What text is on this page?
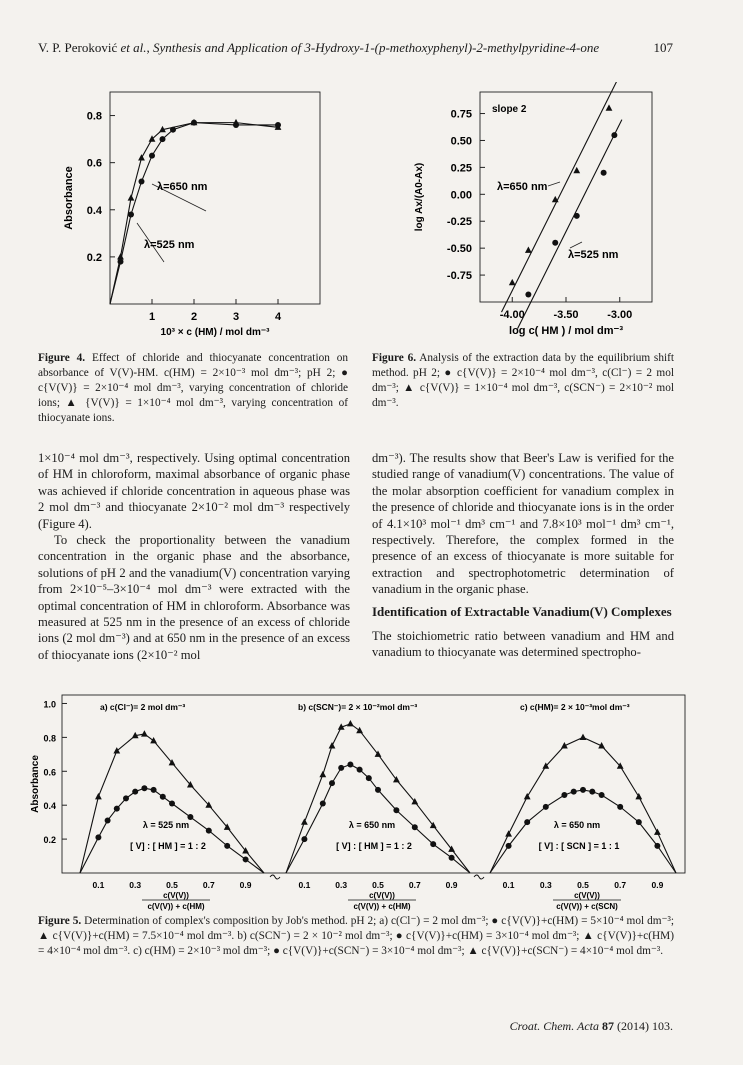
V. P. Peroković et al., Synthesis and Application of 3-Hydroxy-1-(p-methoxyphenyl)-2-methylpyridine-4-one	107
0.2
0.4
0.6
0.8
1	2	3	4
Absorbance
10³ × c (HM) / mol dm⁻³
λ=650 nm
λ=525 nm
Figure 4. Effect of chloride and thiocyanate concentration on absorbance of V(V)-HM. c(HM) = 2×10⁻³ mol dm⁻³; pH 2; ● c{V(V)} = 2×10⁻⁴ mol dm⁻³, varying concentration of chloride ions; ▲ {V(V)} = 1×10⁻⁴ mol dm⁻³, varying concentration of thiocyanate ions.
0.75
0.50
0.25
0.00
-0.25
-0.50
-0.75
-4.00	-3.50	-3.00
log Ax/(A0-Ax)
log c( HM ) / mol dm⁻³
slope 2
λ=650 nm
λ=525 nm
Figure 6. Analysis of the extraction data by the equilibrium shift method. pH 2; ● c{V(V)} = 2×10⁻⁴ mol dm⁻³, c(Cl⁻) = 2 mol dm⁻³; ▲ c{V(V)} = 1×10⁻⁴ mol dm⁻³, c(SCN⁻) = 2×10⁻² mol dm⁻³.

1×10⁻⁴ mol dm⁻³, respectively. Using optimal concentration of HM in chloroform, maximal absorbance of organic phase was achieved if chloride concentration in aqueous phase was 2 mol dm⁻³ and thiocyanate 2×10⁻² mol dm⁻³ respectively (Figure 4).

To check the proportionality between the vanadium concentration in the organic phase and the absorbance, solutions of pH 2 and the vanadium(V) concentration varying from 2×10⁻⁵–3×10⁻⁴ mol dm⁻³ were extracted with the optimal concentration of HM in chloroform. Absorbance was measured at 525 nm in the presence of an excess of chloride ions (2 mol dm⁻³) and at 650 nm in the presence of an excess of thiocyanate ions (2×10⁻² mol

dm⁻³). The results show that Beer's Law is verified for the studied range of vanadium(V) concentrations. The value of the molar absorption coefficient for vanadium complex in the presence of chloride and thiocyanate ions is in the order of 4.1×10³ mol⁻¹ dm³ cm⁻¹ and 7.8×10³ mol⁻¹ dm³ cm⁻¹, respectively. Therefore, the complex formed in the presence of an excess of thiocyanate is more suitable for extraction and spectrophotometric determination of vanadium in the organic phase.

Identification of Extractable Vanadium(V) Complexes

The stoichiometric ratio between vanadium and HM and vanadium to thiocyanate was determined spectropho-

1.0
0.8
0.6
0.4
0.2
a) c(Cl⁻)= 2 mol dm⁻³
λ = 525 nm
[ V] : [ HM ] = 1 : 2
0.1	0.3	0.5	0.7	0.9
c(V(V))
c(V(V)) + c(HM)
b) c(SCN⁻)= 2 × 10⁻²mol dm⁻³
λ = 650 nm
[ V] : [ HM ] = 1 : 2
0.1	0.3	0.5	0.7	0.9
c(V(V))
c(V(V)) + c(HM)
c) c(HM)= 2 × 10⁻³mol dm⁻³
λ = 650 nm
[ V] : [ SCN ] = 1 : 1
0.1	0.3	0.5	0.7	0.9
c(V(V))
c(V(V)) + c(SCN)
Absorbance
Figure 5. Determination of complex's composition by Job's method. pH 2; a) c(Cl⁻) = 2 mol dm⁻³; ● c{V(V)}+c(HM) = 5×10⁻⁴ mol dm⁻³; ▲ c{V(V)}+c(HM) = 7.5×10⁻⁴ mol dm⁻³. b) c(SCN⁻) = 2 × 10⁻² mol dm⁻³; ● c{V(V)}+c(HM) = 3×10⁻⁴ mol dm⁻³; ▲ c{V(V)}+c(HM) = 4×10⁻⁴ mol dm⁻³. c) c(HM) = 2×10⁻³ mol dm⁻³; ● c{V(V)}+c(SCN⁻) = 3×10⁻⁴ mol dm⁻³; ▲ c{V(V)}+c(SCN⁻) = 4×10⁻⁴ mol dm⁻³.
Croat. Chem. Acta 87 (2014) 103.
